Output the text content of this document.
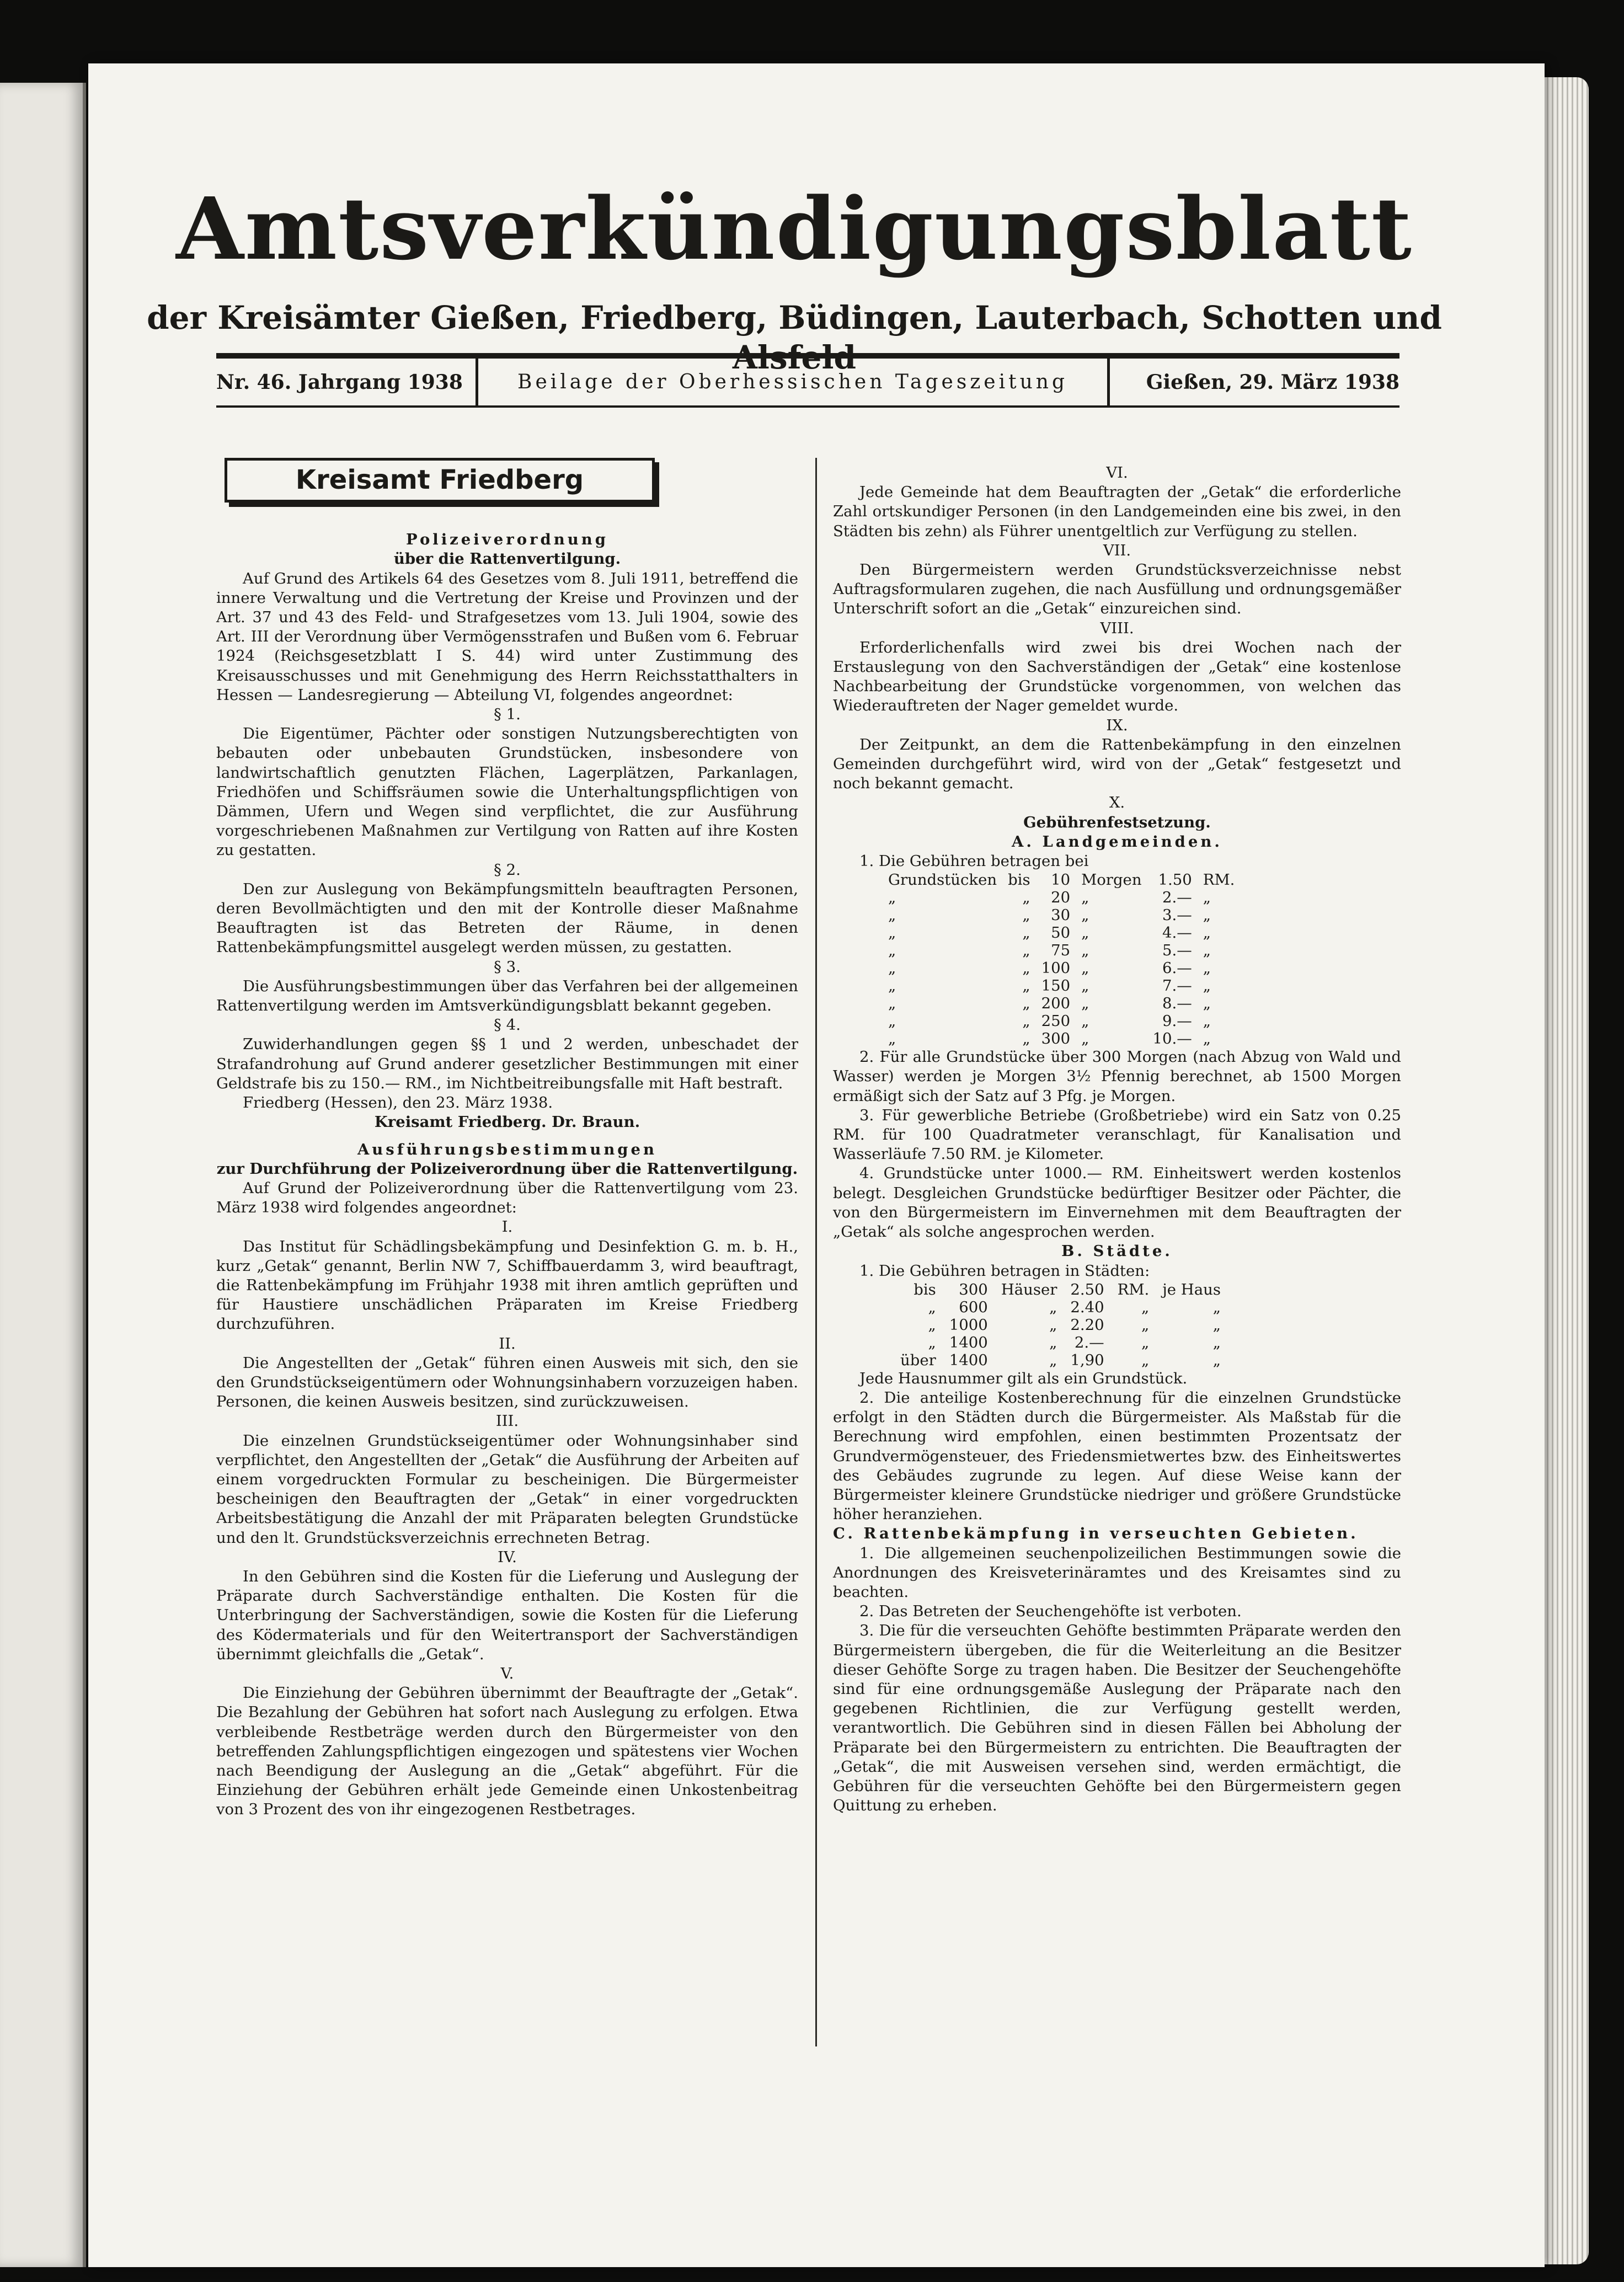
Amtsverkündigungsblatt
der Kreisämter Gießen, Friedberg, Büdingen, Lauterbach, Schotten und
Nr. 46. Jahrgang 1938	Beilage der Oberhessischen Tageszeitung	Gießen, 29. März 1938
Kreisamt Friedberg
Polizeiverordnung
über die Rattenvertilgung.

Auf Grund des Artikels 64 des Gesetzes vom 8. Juli 1911, betreffend die innere Verwaltung und die Vertretung der Kreise und Provinzen und der Art. 37 und 43 des Feld- und Strafgesetzes vom 13. Juli 1904, sowie des Art. III der Verordnung über Vermögensstrafen und Bußen vom 6. Februar 1924 (Reichsgesetzblatt I S. 44) wird unter Zustimmung des Kreisausschusses und mit Genehmigung des Herrn Reichsstatthalters in Hessen — Landesregierung — Abteilung VI, folgendes angeordnet:

§ 1.

Die Eigentümer, Pächter oder sonstigen Nutzungsberechtigten von bebauten oder unbebauten Grundstücken, insbesondere von landwirtschaftlich genutzten Flächen, Lagerplätzen, Parkanlagen, Friedhöfen und Schiffsräumen sowie die Unterhaltungspflichtigen von Dämmen, Ufern und Wegen sind verpflichtet, die zur Ausführung vorgeschriebenen Maßnahmen zur Vertilgung von Ratten auf ihre Kosten zu gestatten.

§ 2.

Den zur Auslegung von Bekämpfungsmitteln beauftragten Personen, deren Bevollmächtigten und den mit der Kontrolle dieser Maßnahme Beauftragten ist das Betreten der Räume, in denen Rattenbekämpfungsmittel ausgelegt werden müssen, zu gestatten.

§ 3.

Die Ausführungsbestimmungen über das Verfahren bei der allgemeinen Rattenvertilgung werden im Amtsverkündigungsblatt bekannt gegeben.

§ 4.

Zuwiderhandlungen gegen §§ 1 und 2 werden, unbeschadet der Strafandrohung auf Grund anderer gesetzlicher Bestimmungen mit einer Geldstrafe bis zu 150.— RM., im Nichtbeitreibungsfalle mit Haft bestraft.

Friedberg (Hessen), den 23. März 1938.
Kreisamt Friedberg. Dr. Braun.
Ausführungsbestimmungen
zur Durchführung der Polizeiverordnung über die Rattenvertilgung.

Auf Grund der Polizeiverordnung über die Rattenvertilgung vom 23. März 1938 wird folgendes angeordnet:

I.

Das Institut für Schädlingsbekämpfung und Desinfektion G. m. b. H., kurz „Getak“ genannt, Berlin NW 7, Schiffbauerdamm 3, wird beauftragt, die Rattenbekämpfung im Frühjahr 1938 mit ihren amtlich geprüften und für Haustiere unschädlichen Präparaten im Kreise Friedberg durchzuführen.

II.

Die Angestellten der „Getak“ führen einen Ausweis mit sich, den sie den Grundstückseigentümern oder Wohnungsinhabern vorzuzeigen haben. Personen, die keinen Ausweis besitzen, sind zurückzuweisen.

III.

Die einzelnen Grundstückseigentümer oder Wohnungsinhaber sind verpflichtet, den Angestellten der „Getak“ die Ausführung der Arbeiten auf einem vorgedruckten Formular zu bescheinigen. Die Bürgermeister bescheinigen den Beauftragten der „Getak“ in einer vorgedruckten Arbeitsbestätigung die Anzahl der mit Präparaten belegten Grundstücke und den lt. Grundstücksverzeichnis errechneten Betrag.

IV.

In den Gebühren sind die Kosten für die Lieferung und Auslegung der Präparate durch Sachverständige enthalten. Die Kosten für die Unterbringung der Sachverständigen, sowie die Kosten für die Lieferung des Ködermaterials und für den Weitertransport der Sachverständigen übernimmt gleichfalls die „Getak“.

V.

Die Einziehung der Gebühren übernimmt der Beauftragte der „Getak“. Die Bezahlung der Gebühren hat sofort nach Auslegung zu erfolgen. Etwa verbleibende Restbeträge werden durch den Bürgermeister von den betreffenden Zahlungspflichtigen eingezogen und spätestens vier Wochen nach Beendigung der Auslegung an die „Getak“ abgeführt. Für die Einziehung der Gebühren erhält jede Gemeinde einen Unkostenbeitrag von 3 Prozent des von ihr eingezogenen Restbetrages.

VI.

Jede Gemeinde hat dem Beauftragten der „Getak“ die erforderliche Zahl ortskundiger Personen (in den Landgemeinden eine bis zwei, in den Städten bis zehn) als Führer unentgeltlich zur Verfügung zu stellen.

VII.

Den Bürgermeistern werden Grundstücksverzeichnisse nebst Auftragsformularen zugehen, die nach Ausfüllung und ordnungsgemäßer Unterschrift sofort an die „Getak“ einzureichen sind.

VIII.

Erforderlichenfalls wird zwei bis drei Wochen nach der Erstauslegung von den Sachverständigen der „Getak“ eine kostenlose Nachbearbeitung der Grundstücke vorgenommen, von welchen das Wiederauftreten der Nager gemeldet wurde.

IX.

Der Zeitpunkt, an dem die Rattenbekämpfung in den einzelnen Gemeinden durchgeführt wird, wird von der „Getak“ festgesetzt und noch bekannt gemacht.

X.
Gebührenfestsetzung.
A. Landgemeinden.

1. Die Gebühren betragen bei

Grundstücken	bis	10	Morgen	1.50	RM.
„	„	20	„	2.—	„
„	„	30	„	3.—	„
„	„	50	„	4.—	„
„	„	75	„	5.—	„
„	„	100	„	6.—	„
„	„	150	„	7.—	„
„	„	200	„	8.—	„
„	„	250	„	9.—	„
„	„	300	„	10.—	„

2. Für alle Grundstücke über 300 Morgen (nach Abzug von Wald und Wasser) werden je Morgen 3½ Pfennig berechnet, ab 1500 Morgen ermäßigt sich der Satz auf 3 Pfg. je Morgen.

3. Für gewerbliche Betriebe (Großbetriebe) wird ein Satz von 0.25 RM. für 100 Quadratmeter veranschlagt, für Kanalisation und Wasserläufe 7.50 RM. je Kilometer.

4. Grundstücke unter 1000.— RM. Einheitswert werden kostenlos belegt. Desgleichen Grundstücke bedürftiger Besitzer oder Pächter, die von den Bürgermeistern im Einvernehmen mit dem Beauftragten der „Getak“ als solche angesprochen werden.

B. Städte.

1. Die Gebühren betragen in Städten:

bis	300	Häuser	2.50	RM.	je Haus
„	600	„	2.40	„	„
„	1000	„	2.20	„	„
„	1400	„	2.—	„	„
über	1400	„	1,90	„	„

Jede Hausnummer gilt als ein Grundstück.

2. Die anteilige Kostenberechnung für die einzelnen Grundstücke erfolgt in den Städten durch die Bürgermeister. Als Maßstab für die Berechnung wird empfohlen, einen bestimmten Prozentsatz der Grundvermögensteuer, des Friedensmietwertes bzw. des Einheitswertes des Gebäudes zugrunde zu legen. Auf diese Weise kann der Bürgermeister kleinere Grundstücke niedriger und größere Grundstücke höher heranziehen.

C. Rattenbekämpfung in verseuchten Gebieten.

1. Die allgemeinen seuchenpolizeilichen Bestimmungen sowie die Anordnungen des Kreisveterinäramtes und des Kreisamtes sind zu beachten.

2. Das Betreten der Seuchengehöfte ist verboten.

3. Die für die verseuchten Gehöfte bestimmten Präparate werden den Bürgermeistern übergeben, die für die Weiterleitung an die Besitzer dieser Gehöfte Sorge zu tragen haben. Die Besitzer der Seuchengehöfte sind für eine ordnungsgemäße Auslegung der Präparate nach den gegebenen Richtlinien, die zur Verfügung gestellt werden, verantwortlich. Die Gebühren sind in diesen Fällen bei Abholung der Präparate bei den Bürgermeistern zu entrichten. Die Beauftragten der „Getak“, die mit Ausweisen versehen sind, werden ermächtigt, die Gebühren für die verseuchten Gehöfte bei den Bürgermeistern gegen Quittung zu erheben.
